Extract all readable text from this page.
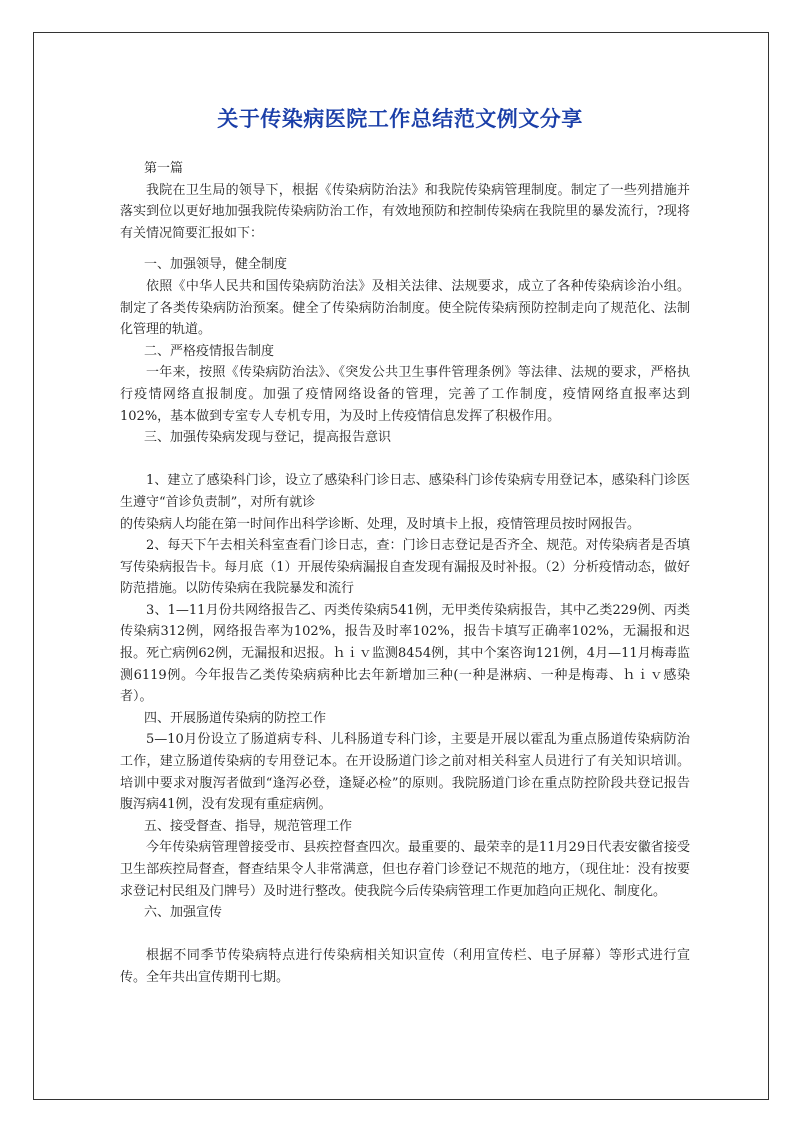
关于传染病医院工作总结范文例文分享

第一篇

我院在卫生局的领导下，根据《传染病防治法》和我院传染病管理制度。制定了一些列措施并落实到位以更好地加强我院传染病防治工作，有效地预防和控制传染病在我院里的暴发流行，?现将有关情况简要汇报如下：

一、加强领导，健全制度

依照《中华人民共和国传染病防治法》及相关法律、法规要求，成立了各种传染病诊治小组。制定了各类传染病防治预案。健全了传染病防治制度。使全院传染病预防控制走向了规范化、法制化管理的轨道。

二、严格疫情报告制度

一年来，按照《传染病防治法》、《突发公共卫生事件管理条例》等法律、法规的要求，严格执行疫情网络直报制度。加强了疫情网络设备的管理，完善了工作制度，疫情网络直报率达到102%，基本做到专室专人专机专用，为及时上传疫情信息发挥了积极作用。

三、加强传染病发现与登记，提高报告意识

1、建立了感染科门诊，设立了感染科门诊日志、感染科门诊传染病专用登记本，感染科门诊医生遵守“首诊负责制”，对所有就诊

的传染病人均能在第一时间作出科学诊断、处理，及时填卡上报，疫情管理员按时网报告。

2、每天下午去相关科室查看门诊日志，查：门诊日志登记是否齐全、规范。对传染病者是否填写传染病报告卡。每月底（1）开展传染病漏报自查发现有漏报及时补报。（2）分析疫情动态，做好防范措施。以防传染病在我院暴发和流行

3、1—11月份共网络报告乙、丙类传染病541例，无甲类传染病报告，其中乙类229例、丙类传染病312例，网络报告率为102%，报告及时率102%，报告卡填写正确率102%，无漏报和迟报。死亡病例62例，无漏报和迟报。ｈｉｖ监测8454例，其中个案咨询121例，4月—11月梅毒监测6119例。今年报告乙类传染病病种比去年新增加三种(一种是淋病、一种是梅毒、ｈｉｖ感染者）。

四、开展肠道传染病的防控工作

5—10月份设立了肠道病专科、儿科肠道专科门诊，主要是开展以霍乱为重点肠道传染病防治工作，建立肠道传染病的专用登记本。在开设肠道门诊之前对相关科室人员进行了有关知识培训。培训中要求对腹泻者做到“逢泻必登，逢疑必检”的原则。我院肠道门诊在重点防控阶段共登记报告腹泻病41例，没有发现有重症病例。

五、接受督查、指导，规范管理工作

今年传染病管理曾接受市、县疾控督查四次。最重要的、最荣幸的是11月29日代表安徽省接受卫生部疾控局督查，督查结果令人非常满意，但也存着门诊登记不规范的地方，（现住址：没有按要求登记村民组及门牌号）及时进行整改。使我院今后传染病管理工作更加趋向正规化、制度化。

六、加强宣传

根据不同季节传染病特点进行传染病相关知识宣传（利用宣传栏、电子屏幕）等形式进行宣传。全年共出宣传期刊七期。
